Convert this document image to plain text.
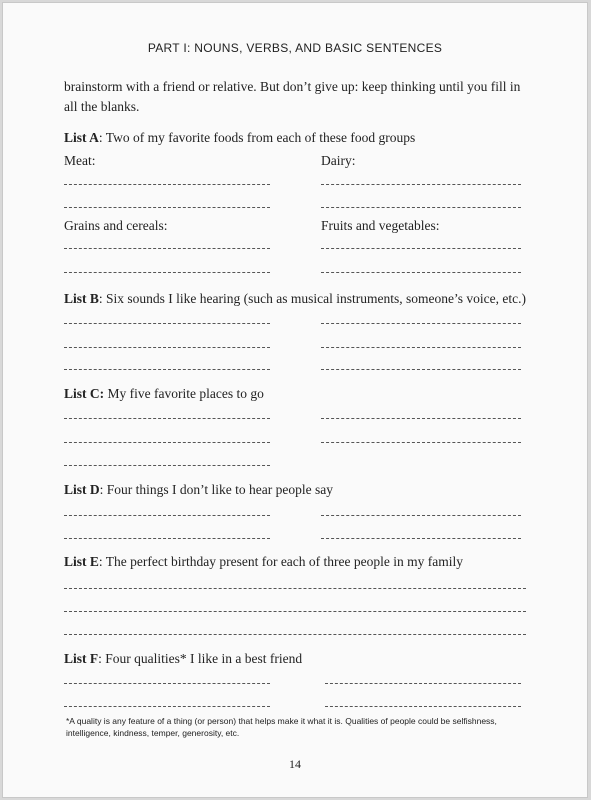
PART I: NOUNS, VERBS, AND BASIC SENTENCES
brainstorm with a friend or relative. But don’t give up: keep thinking until you fill in all the blanks.
List A: Two of my favorite foods from each of these food groups
Meat:	Dairy:
Grains and cereals:	Fruits and vegetables:
List B: Six sounds I like hearing (such as musical instruments, someone’s voice, etc.)
List C: My five favorite places to go
List D: Four things I don’t like to hear people say
List E: The perfect birthday present for each of three people in my family
List F: Four qualities* I like in a best friend
*A quality is any feature of a thing (or person) that helps make it what it is. Qualities of people could be selfishness, intelligence, kindness, temper, generosity, etc.
14
